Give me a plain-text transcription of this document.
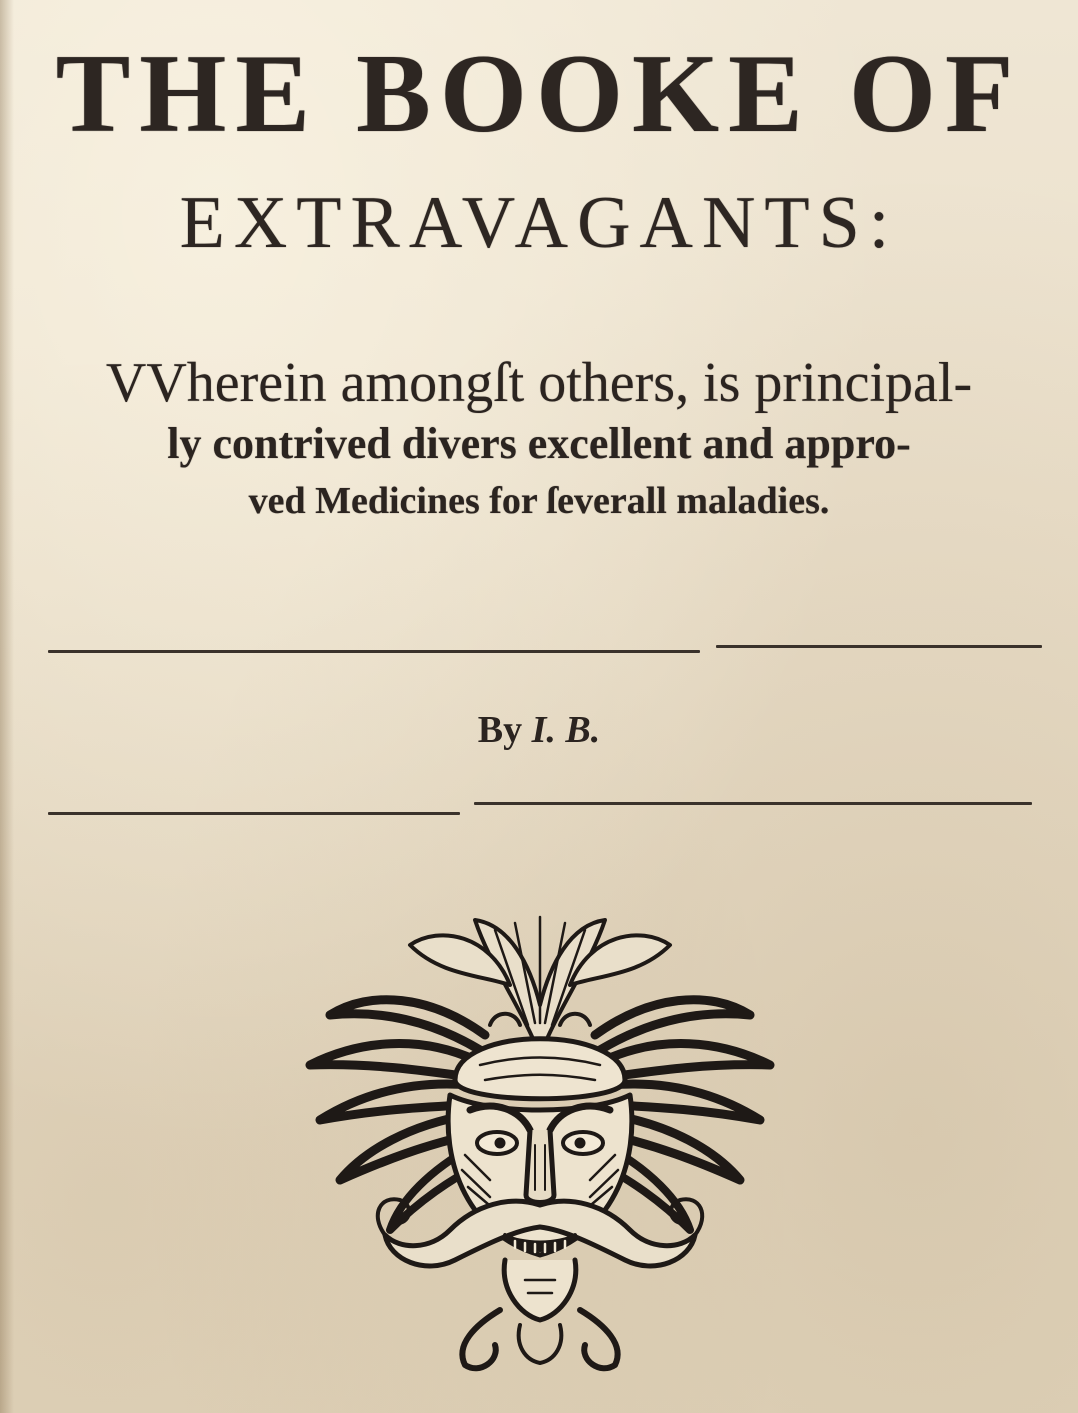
THE BOOKE OF
EXTRAVAGANTS:
VVherein amongſt others, is principal-
ly contrived divers excellent and appro-
ved Medicines for ſeverall maladies.
By I. B.
